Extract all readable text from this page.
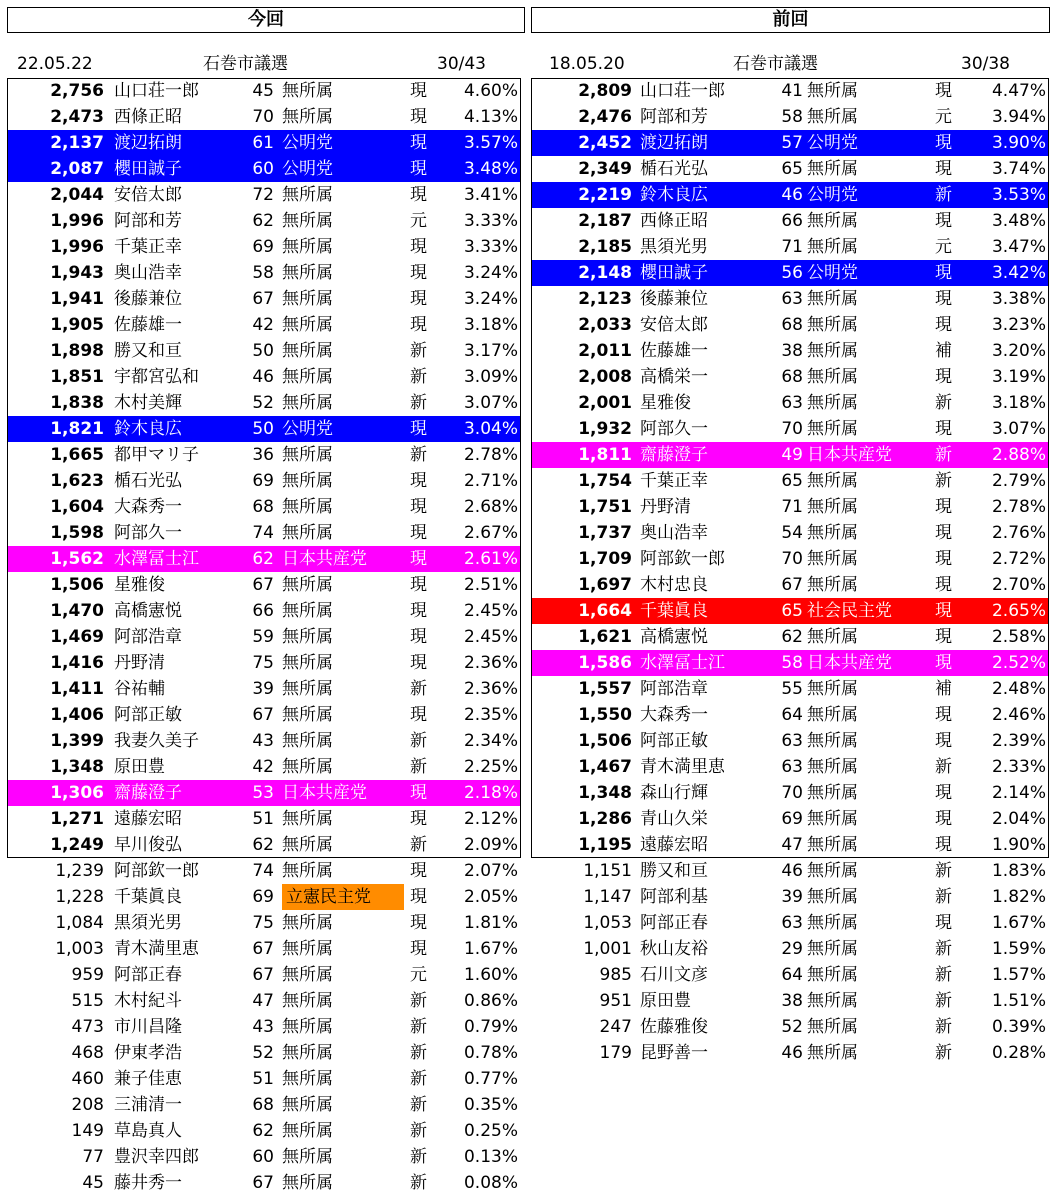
今回
22.05.22	石巻市議選	30/43
2,756 山口荘一郎	45 無所属	現	4.60%
2,473 西條正昭	70 無所属	現	4.13%
2,137 渡辺拓朗	61 公明党	現	3.57%
2,087 櫻田誠子	60 公明党	現	3.48%
2,044 安倍太郎	72 無所属	現	3.41%
1,996 阿部和芳	62 無所属	元	3.33%
1,996 千葉正幸	69 無所属	現	3.33%
1,943 奥山浩幸	58 無所属	現	3.24%
1,941 後藤兼位	67 無所属	現	3.24%
1,905 佐藤雄一	42 無所属	現	3.18%
1,898 勝又和亘	50 無所属	新	3.17%
1,851 宇都宮弘和	46 無所属	新	3.09%
1,838 木村美輝	52 無所属	新	3.07%
1,821 鈴木良広	50 公明党	現	3.04%
1,665 都甲マリ子	36 無所属	新	2.78%
1,623 楯石光弘	69 無所属	現	2.71%
1,604 大森秀一	68 無所属	現	2.68%
1,598 阿部久一	74 無所属	現	2.67%
1,562 水澤冨士江	62 日本共産党	現	2.61%
1,506 星雅俊	67 無所属	現	2.51%
1,470 高橋憲悦	66 無所属	現	2.45%
1,469 阿部浩章	59 無所属	現	2.45%
1,416 丹野清	75 無所属	現	2.36%
1,411 谷祐輔	39 無所属	新	2.36%
1,406 阿部正敏	67 無所属	現	2.35%
1,399 我妻久美子	43 無所属	新	2.34%
1,348 原田豊	42 無所属	新	2.25%
1,306 齋藤澄子	53 日本共産党	現	2.18%
1,271 遠藤宏昭	51 無所属	現	2.12%
1,249 早川俊弘	62 無所属	新	2.09%
1,239 阿部欽一郎	74 無所属	現	2.07%
1,228 千葉眞良	69 立憲民主党	現	2.05%
1,084 黒須光男	75 無所属	現	1.81%
1,003 青木満里恵	67 無所属	現	1.67%
959 阿部正春	67 無所属	元	1.60%
515 木村紀斗	47 無所属	新	0.86%
473 市川昌隆	43 無所属	新	0.79%
468 伊東孝浩	52 無所属	新	0.78%
460 兼子佳恵	51 無所属	新	0.77%
208 三浦清一	68 無所属	新	0.35%
149 草島真人	62 無所属	新	0.25%
77 豊沢幸四郎	60 無所属	新	0.13%
45 藤井秀一	67 無所属	新	0.08%
前回
18.05.20	石巻市議選	30/38
2,809 山口荘一郎	41 無所属	現	4.47%
2,476 阿部和芳	58 無所属	元	3.94%
2,452 渡辺拓朗	57 公明党	現	3.90%
2,349 楯石光弘	65 無所属	現	3.74%
2,219 鈴木良広	46 公明党	新	3.53%
2,187 西條正昭	66 無所属	現	3.48%
2,185 黒須光男	71 無所属	元	3.47%
2,148 櫻田誠子	56 公明党	現	3.42%
2,123 後藤兼位	63 無所属	現	3.38%
2,033 安倍太郎	68 無所属	現	3.23%
2,011 佐藤雄一	38 無所属	補	3.20%
2,008 高橋栄一	68 無所属	現	3.19%
2,001 星雅俊	63 無所属	新	3.18%
1,932 阿部久一	70 無所属	現	3.07%
1,811 齋藤澄子	49 日本共産党	新	2.88%
1,754 千葉正幸	65 無所属	新	2.79%
1,751 丹野清	71 無所属	現	2.78%
1,737 奥山浩幸	54 無所属	現	2.76%
1,709 阿部欽一郎	70 無所属	現	2.72%
1,697 木村忠良	67 無所属	現	2.70%
1,664 千葉眞良	65 社会民主党	現	2.65%
1,621 高橋憲悦	62 無所属	現	2.58%
1,586 水澤冨士江	58 日本共産党	現	2.52%
1,557 阿部浩章	55 無所属	補	2.48%
1,550 大森秀一	64 無所属	現	2.46%
1,506 阿部正敏	63 無所属	現	2.39%
1,467 青木満里恵	63 無所属	新	2.33%
1,348 森山行輝	70 無所属	現	2.14%
1,286 青山久栄	69 無所属	現	2.04%
1,195 遠藤宏昭	47 無所属	現	1.90%
1,151 勝又和亘	46 無所属	新	1.83%
1,147 阿部利基	39 無所属	新	1.82%
1,053 阿部正春	63 無所属	現	1.67%
1,001 秋山友裕	29 無所属	新	1.59%
985 石川文彦	64 無所属	新	1.57%
951 原田豊	38 無所属	新	1.51%
247 佐藤雅俊	52 無所属	新	0.39%
179 昆野善一	46 無所属	新	0.28%
